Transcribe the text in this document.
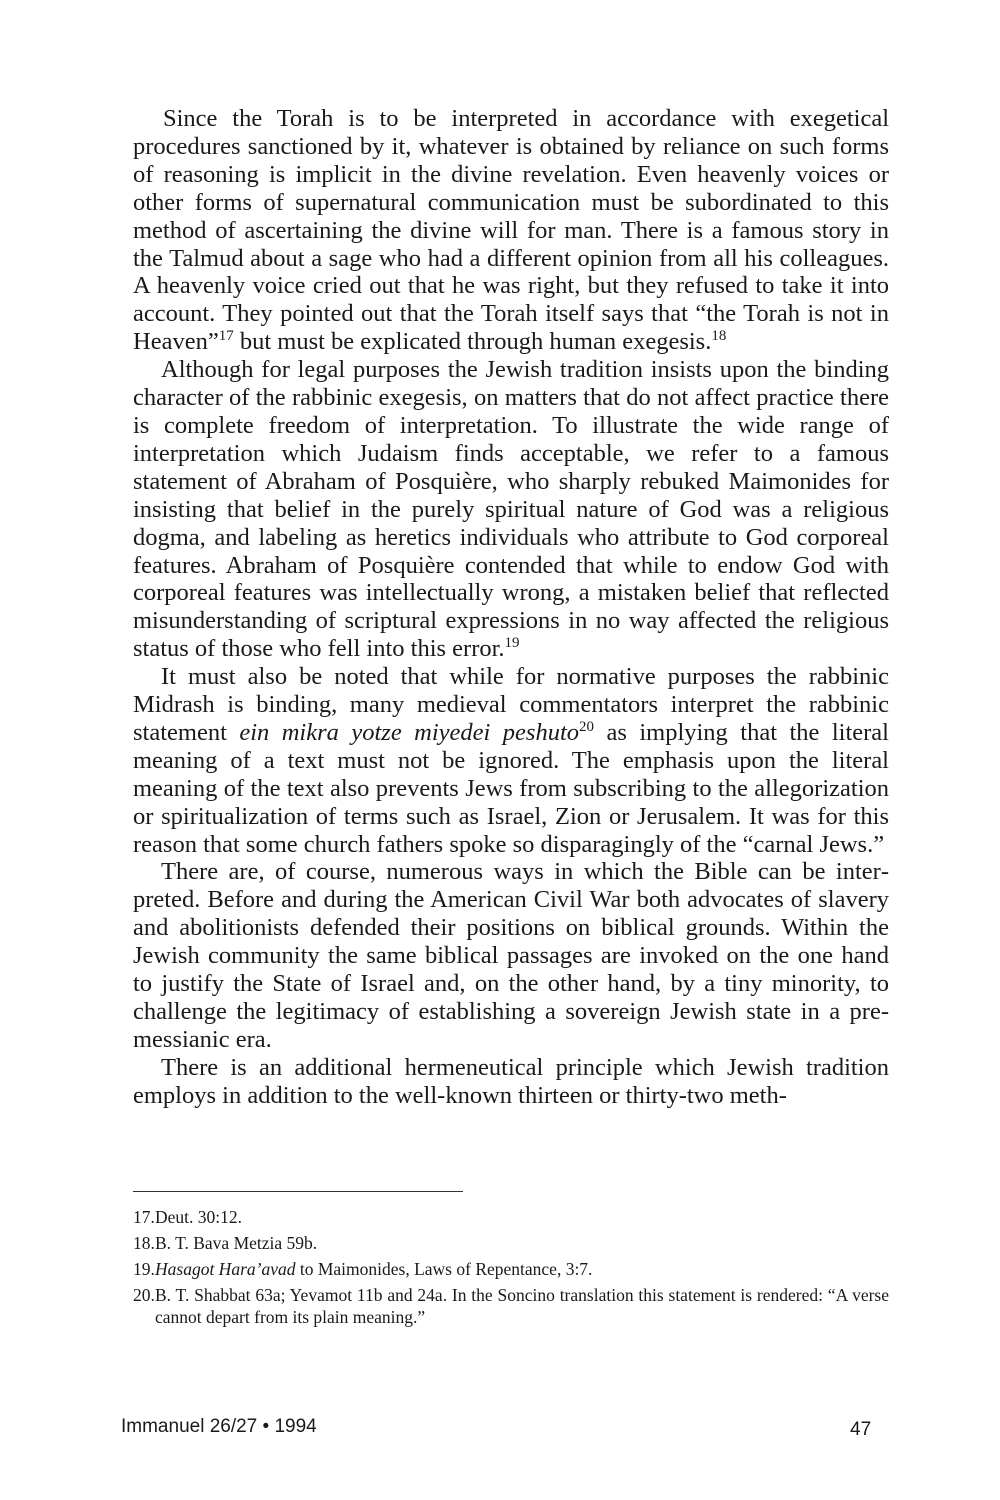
Since the Torah is to be interpreted in accordance with exegetical procedures sanctioned by it, whatever is obtained by reliance on such forms of reasoning is implicit in the divine revelation. Even heavenly voices or other forms of supernatural communication must be subordinated to this method of ascertaining the divine will for man. There is a famous story in the Talmud about a sage who had a different opinion from all his colleagues. A heavenly voice cried out that he was right, but they refused to take it into account. They pointed out that the Torah itself says that “the Torah is not in Heaven”$^{17}$ but must be explicated through human exegesis.$^{18}$

Although for legal purposes the Jewish tradition insists upon the binding character of the rabbinic exegesis, on matters that do not affect practice there is complete freedom of interpretation. To illustrate the wide range of interpretation which Judaism finds acceptable, we refer to a famous statement of Abraham of Posquière, who sharply rebuked Maimonides for insisting that belief in the purely spiritual nature of God was a religious dogma, and labeling as heretics individuals who attribute to God corporeal features. Abraham of Posquière contended that while to endow God with corporeal features was intellectually wrong, a mistaken belief that reflected misunderstanding of scriptural expressions in no way affected the religious status of those who fell into this error.$^{19}$

It must also be noted that while for normative purposes the rabbinic Midrash is binding, many medieval commentators interpret the rabbinic statement ein mikra yotze miyedei peshuto$^{20}$ as implying that the literal meaning of a text must not be ignored. The emphasis upon the literal meaning of the text also prevents Jews from subscribing to the allegorization or spiritualization of terms such as Israel, Zion or Jerusalem. It was for this reason that some church fathers spoke so disparagingly of the “carnal Jews.”

There are, of course, numerous ways in which the Bible can be interpreted. Before and during the American Civil War both advocates of slavery and abolitionists defended their positions on biblical grounds. Within the Jewish community the same biblical passages are invoked on the one hand to justify the State of Israel and, on the other hand, by a tiny minority, to challenge the legitimacy of establishing a sovereign Jewish state in a pre-messianic era.

There is an additional hermeneutical principle which Jewish tradition employs in addition to the well-known thirteen or thirty-two meth-

17.Deut. 30:12.

18.B. T. Bava Metzia 59b.

19.Hasagot Hara’avad to Maimonides, Laws of Repentance, 3:7.

20.B. T. Shabbat 63a; Yevamot 11b and 24a. In the Soncino translation this statement is rendered: “A verse cannot depart from its plain meaning.”

Immanuel 26/27 • 1994	47
